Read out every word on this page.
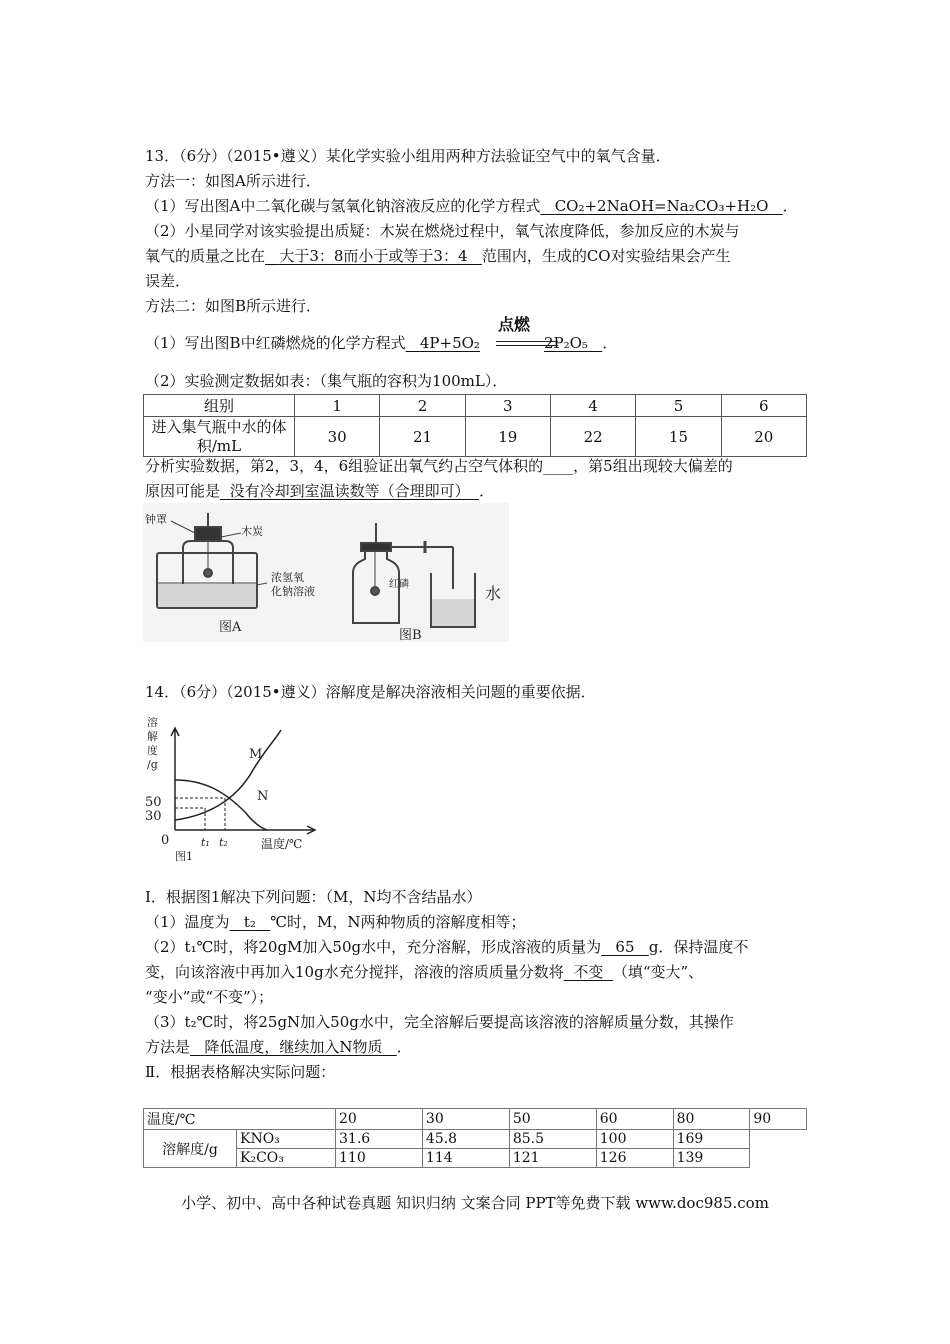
13．（6分）（2015•遵义）某化学实验小组用两种方法验证空气中的氧气含量．
方法一：如图A所示进行．
（1）写出图A中二氧化碳与氢氧化钠溶液反应的化学方程式 CO₂+2NaOH=Na₂CO₃+H₂O ．
（2）小星同学对该实验提出质疑：木炭在燃烧过程中，氧气浓度降低，参加反应的木炭与
氧气的质量之比在 大于3：8而小于或等于3：4 范围内，生成的CO对实验结果会产生
误差．
方法二：如图B所示进行．
点燃
（1）写出图B中红磷燃烧的化学方程式 4P+5O₂	2P₂O₅ ．
（2）实验测定数据如表：（集气瓶的容积为100mL）．
组别	1	2	3	4	5	6
进入集气瓶中水的体
积/mL	30	21	19	22	15	20
分析实验数据，第2，3，4，6组验证出氧气约占空气体积的____，第5组出现较大偏差的
原因可能是 没有冷却到室温读数等（合理即可） ．
钟罩
木炭
浓氢氧
化钠溶液
图A
红磷	水
图B
14．（6分）（2015•遵义）溶解度是解决溶液相关问题的重要依据．
溶
解
度
/g
50
30
0	t₁ t₂	温度/℃
M
N
图1
Ⅰ．根据图1解决下列问题：（M，N均不含结晶水）
（1）温度为 t₂ ℃时，M，N两种物质的溶解度相等；
（2）t₁℃时，将20gM加入50g水中，充分溶解，形成溶液的质量为 65 g．保持温度不
变，向该溶液中再加入10g水充分搅拌，溶液的溶质质量分数将 不变 （填“变大”、
“变小”或“不变”）；
（3）t₂℃时，将25gN加入50g水中，完全溶解后要提高该溶液的溶解质量分数，其操作
方法是 降低温度，继续加入N物质 ．
Ⅱ．根据表格解决实际问题：
温度/℃		20	30	50	60	80	90
溶解度/g	KNO₃	31.6	45.8	85.5	100	169	
	K₂CO₃	110	114	121	126	139	
小学、初中、高中各种试卷真题 知识归纳 文案合同 PPT等免费下载 www.doc985.com
